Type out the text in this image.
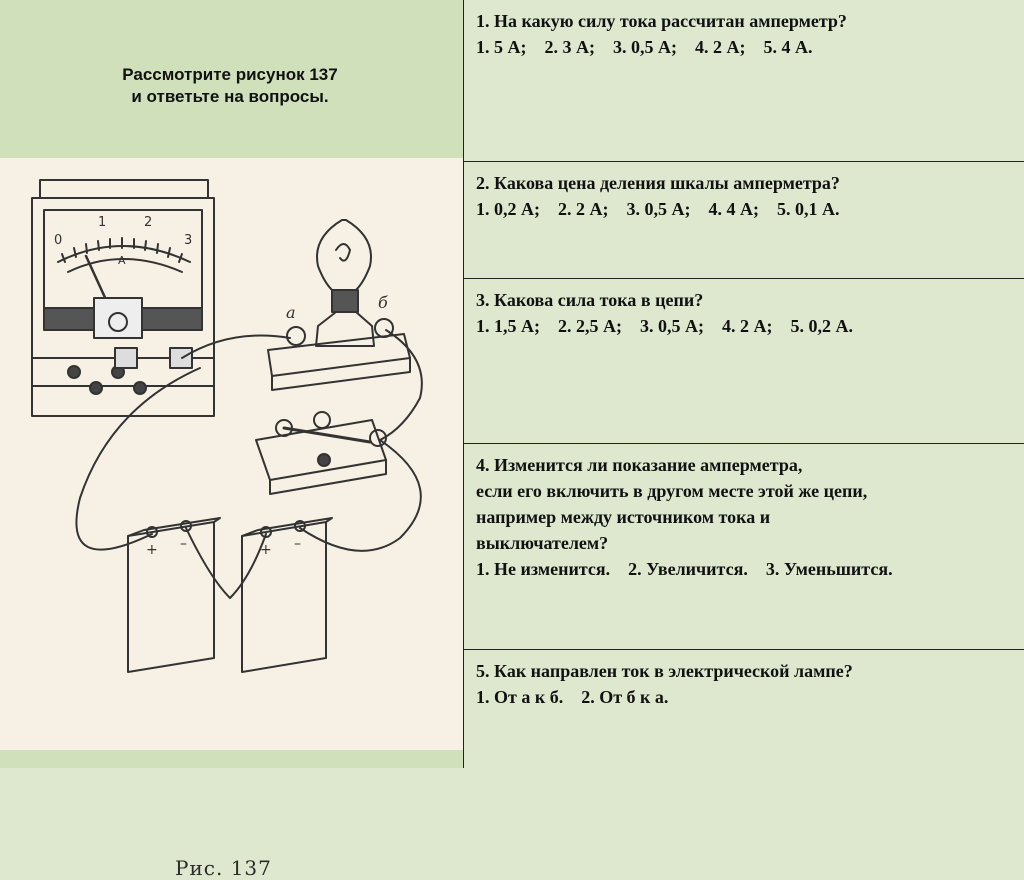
Рассмотрите рисунок 137
и ответьте на вопросы.
0
1	2
3
A
а
б
+ –	+ –
Рис. 137
1. На какую силу тока рассчитан амперметр?
1. 5 А;    2. 3 А;    3. 0,5 А;    4. 2 А;    5. 4 А.
2. Какова цена деления шкалы амперметра?
1. 0,2 А;    2. 2 А;    3. 0,5 А;    4. 4 А;    5. 0,1 А.
3. Какова сила тока в цепи?
1. 1,5 А;    2. 2,5 А;    3. 0,5 А;    4. 2 А;    5. 0,2 А.
4. Изменится ли показание амперметра,
если его включить в другом месте этой же цепи,
например между источником тока и
выключателем?
1. Не изменится.    2. Увеличится.    3. Уменьшится.
5. Как направлен ток в электрической лампе?
1. От а к б.    2. От б к а.
